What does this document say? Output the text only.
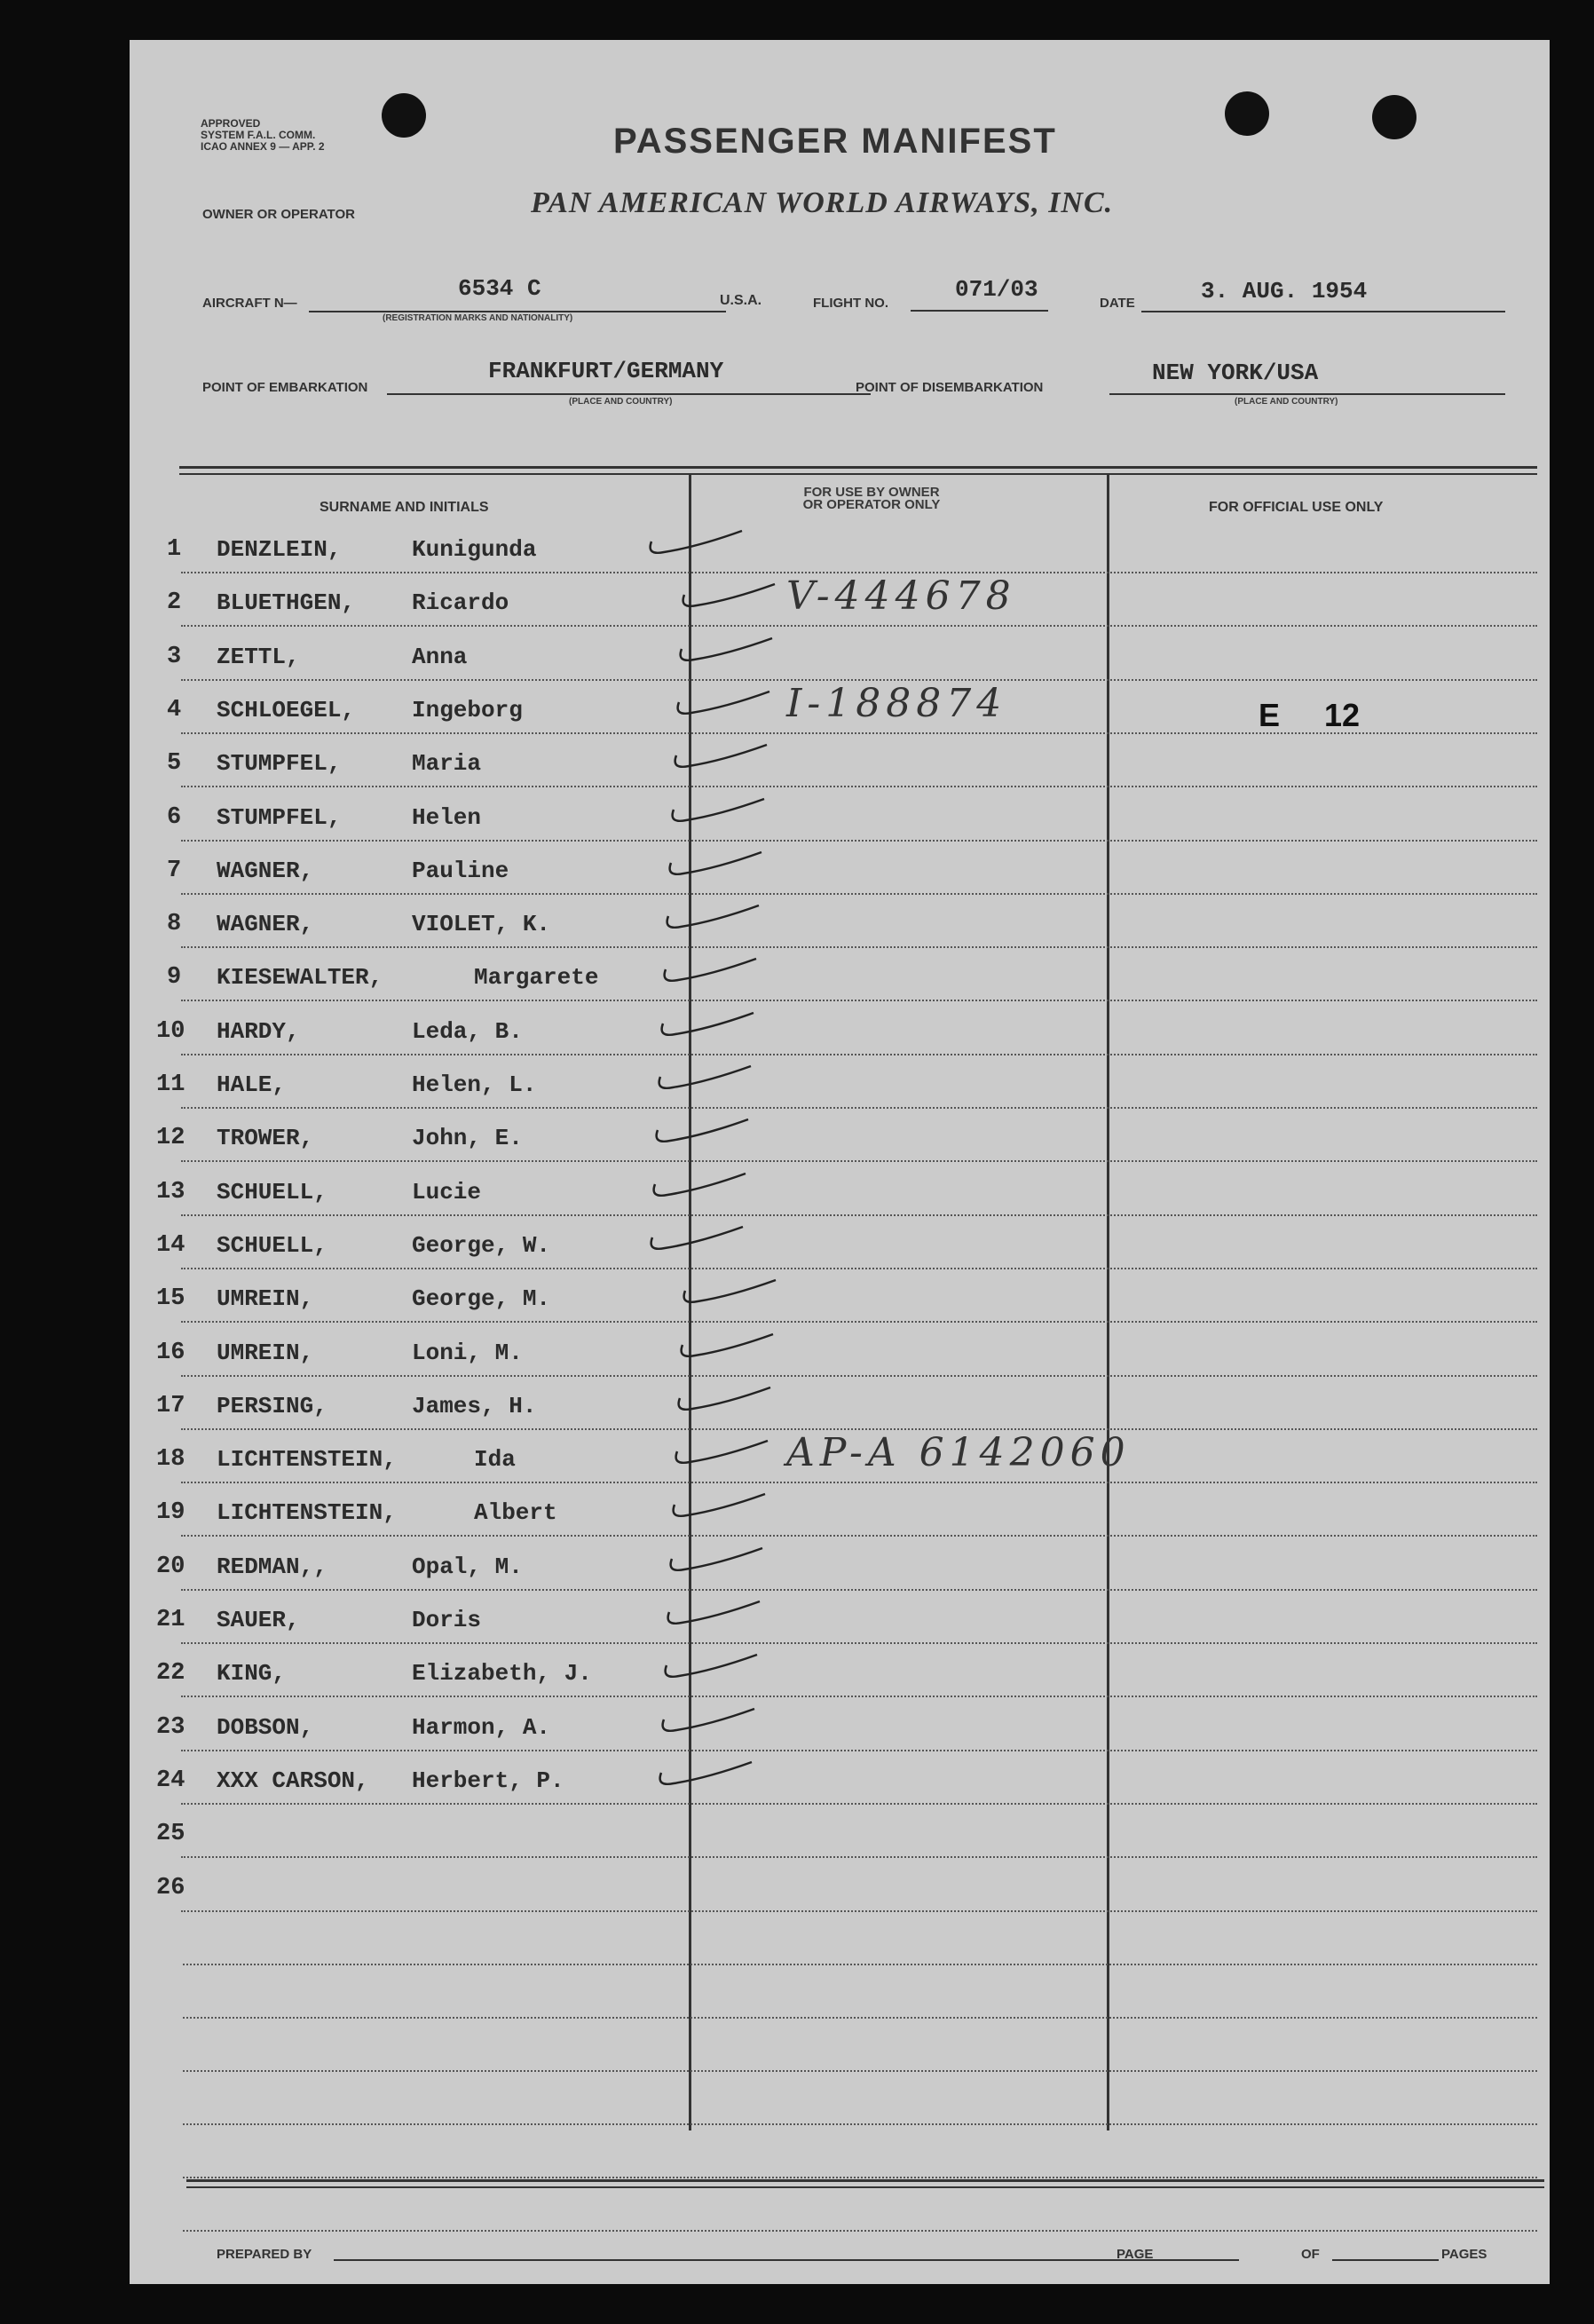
APPROVED
SYSTEM F.A.L. COMM.
ICAO ANNEX 9 — APP. 2
OWNER OR OPERATOR
PASSENGER MANIFEST
PAN AMERICAN WORLD AIRWAYS, INC.
AIRCRAFT N—
6534 C
(REGISTRATION MARKS AND NATIONALITY)
U.S.A.	FLIGHT NO.
071/03
DATE	3. AUG. 1954
POINT OF EMBARKATION
FRANKFURT/GERMANY
(PLACE AND COUNTRY)
POINT OF DISEMBARKATION
NEW YORK/USA
(PLACE AND COUNTRY)
SURNAME AND INITIALS
FOR USE BY OWNER OR OPERATOR ONLY	FOR OFFICIAL USE ONLY
1 DENZLEIN,	Kunigunda
2 BLUETHGEN, Ricardo	V-444678
3 ZETTL,	Anna
4 SCHLOEGEL, Ingeborg	I-188874	E 12
5 STUMPFEL,	Maria
6 STUMPFEL,	Helen
7 WAGNER,	Pauline
8 WAGNER,	VIOLET, K.
9 KIESEWALTER,	Margarete
10 HARDY,	Leda, B.
11 HALE,	Helen, L.
12 TROWER,	John, E.
13 SCHUELL,	Lucie
14 SCHUELL,	George, W.
15 UMREIN,	George, M.
16 UMREIN,	Loni, M.
17 PERSING,	James, H.
18 LICHTENSTEIN,	Ida	AP-A 6142060
19 LICHTENSTEIN,	Albert
20 REDMAN,,	Opal, M.
21 SAUER,	Doris
22 KING,	Elizabeth, J.
23 DOBSON,	Harmon, A.
24 XXX CARSON, Herbert, P.
25
26
PREPARED BY	PAGE	OF	PAGES
